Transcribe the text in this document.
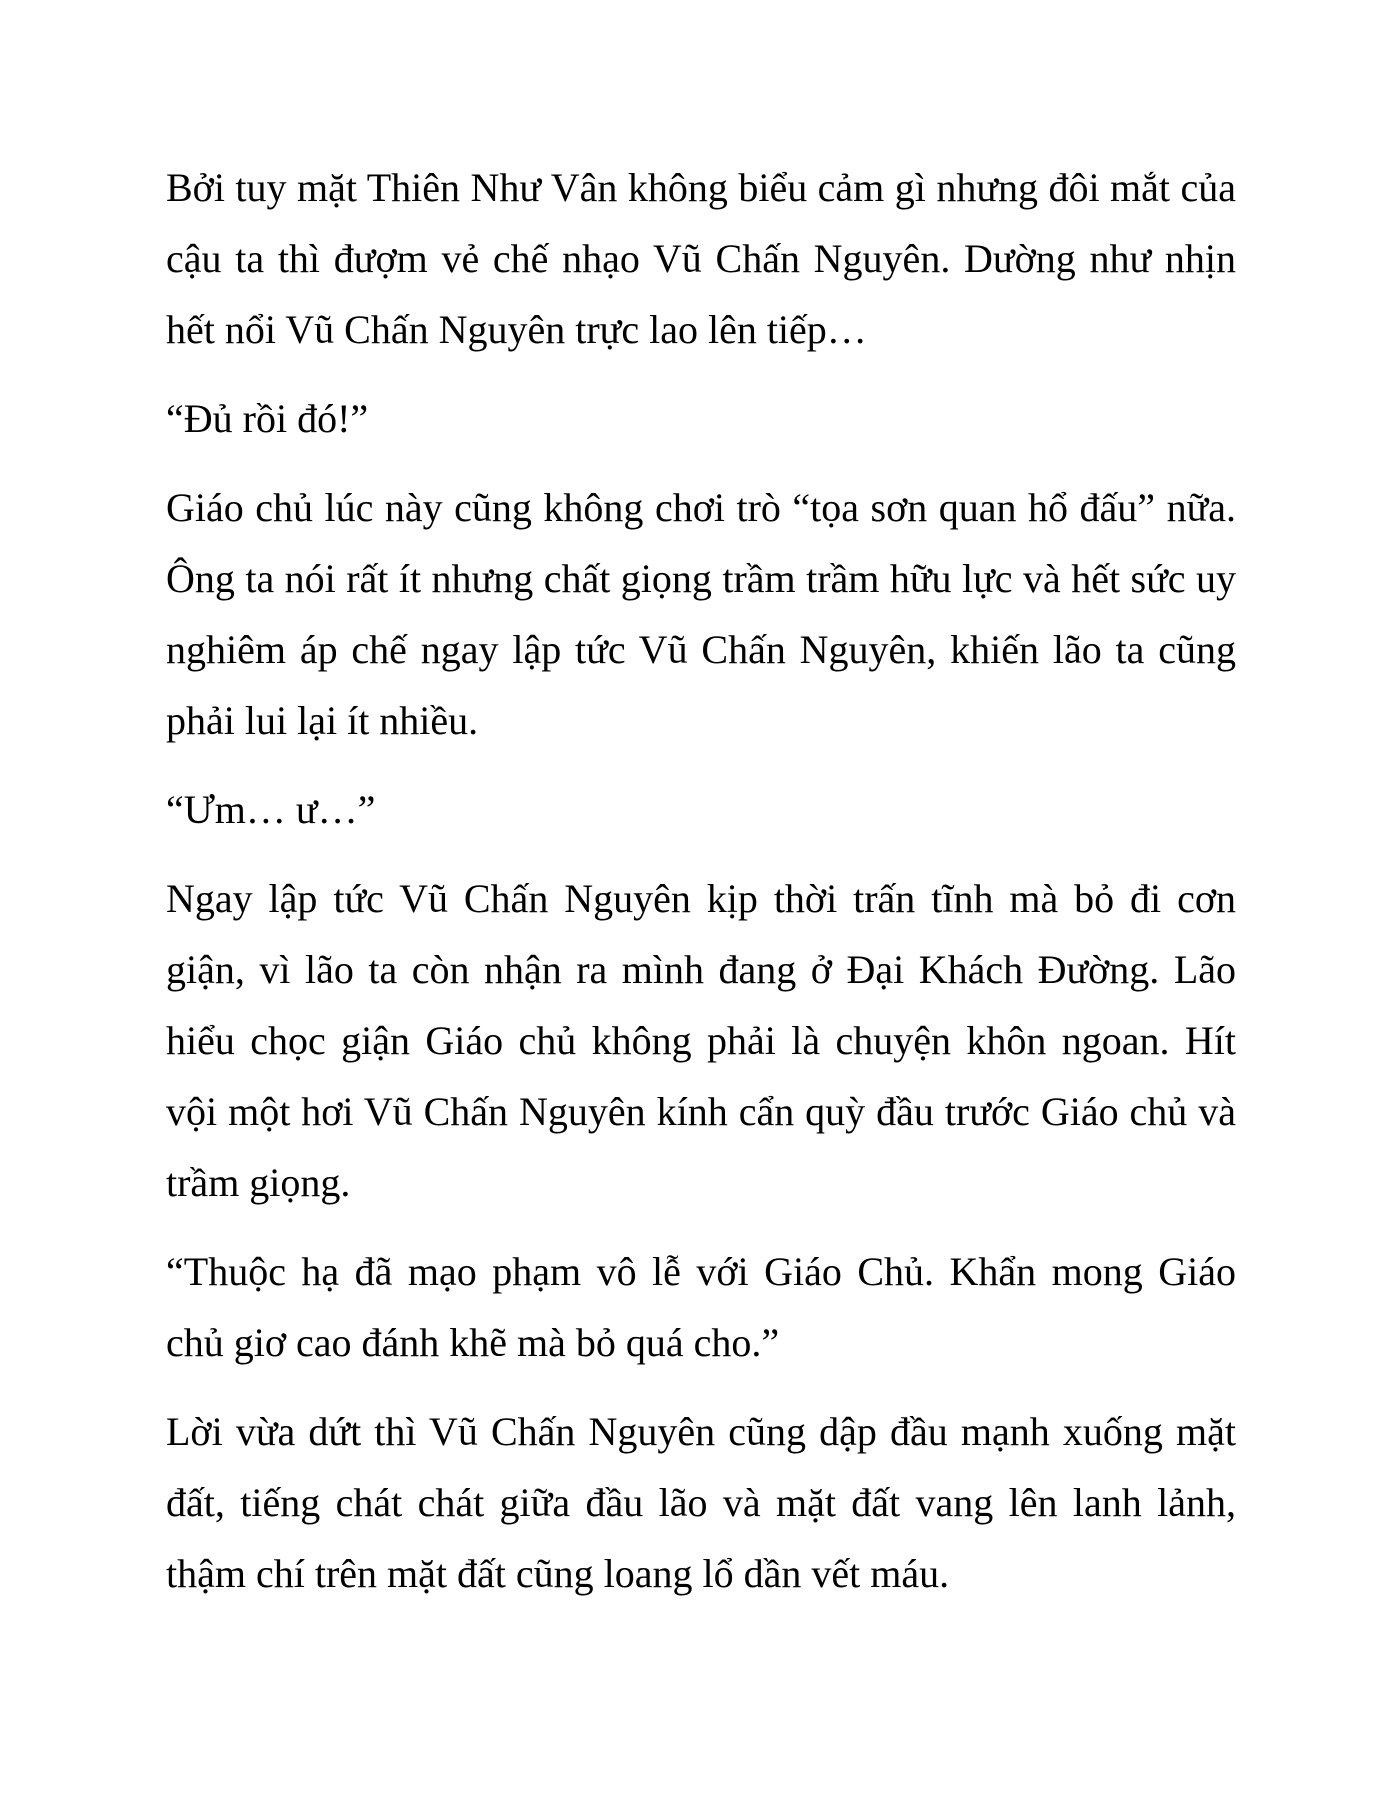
Bởi tuy mặt Thiên Như Vân không biểu cảm gì nhưng đôi mắt của cậu ta thì đượm vẻ chế nhạo Vũ Chấn Nguyên. Dường như nhịn hết nổi Vũ Chấn Nguyên trực lao lên tiếp…

“Đủ rồi đó!”

Giáo chủ lúc này cũng không chơi trò “tọa sơn quan hổ đấu” nữa. Ông ta nói rất ít nhưng chất giọng trầm trầm hữu lực và hết sức uy nghiêm áp chế ngay lập tức Vũ Chấn Nguyên, khiến lão ta cũng phải lui lại ít nhiều.

“Ưm… ư…”

Ngay lập tức Vũ Chấn Nguyên kịp thời trấn tĩnh mà bỏ đi cơn giận, vì lão ta còn nhận ra mình đang ở Đại Khách Đường. Lão hiểu chọc giận Giáo chủ không phải là chuyện khôn ngoan. Hít vội một hơi Vũ Chấn Nguyên kính cẩn quỳ đầu trước Giáo chủ và trầm giọng.

“Thuộc hạ đã mạo phạm vô lễ với Giáo Chủ. Khẩn mong Giáo chủ giơ cao đánh khẽ mà bỏ quá cho.”

Lời vừa dứt thì Vũ Chấn Nguyên cũng dập đầu mạnh xuống mặt đất, tiếng chát chát giữa đầu lão và mặt đất vang lên lanh lảnh, thậm chí trên mặt đất cũng loang lổ dần vết máu.
